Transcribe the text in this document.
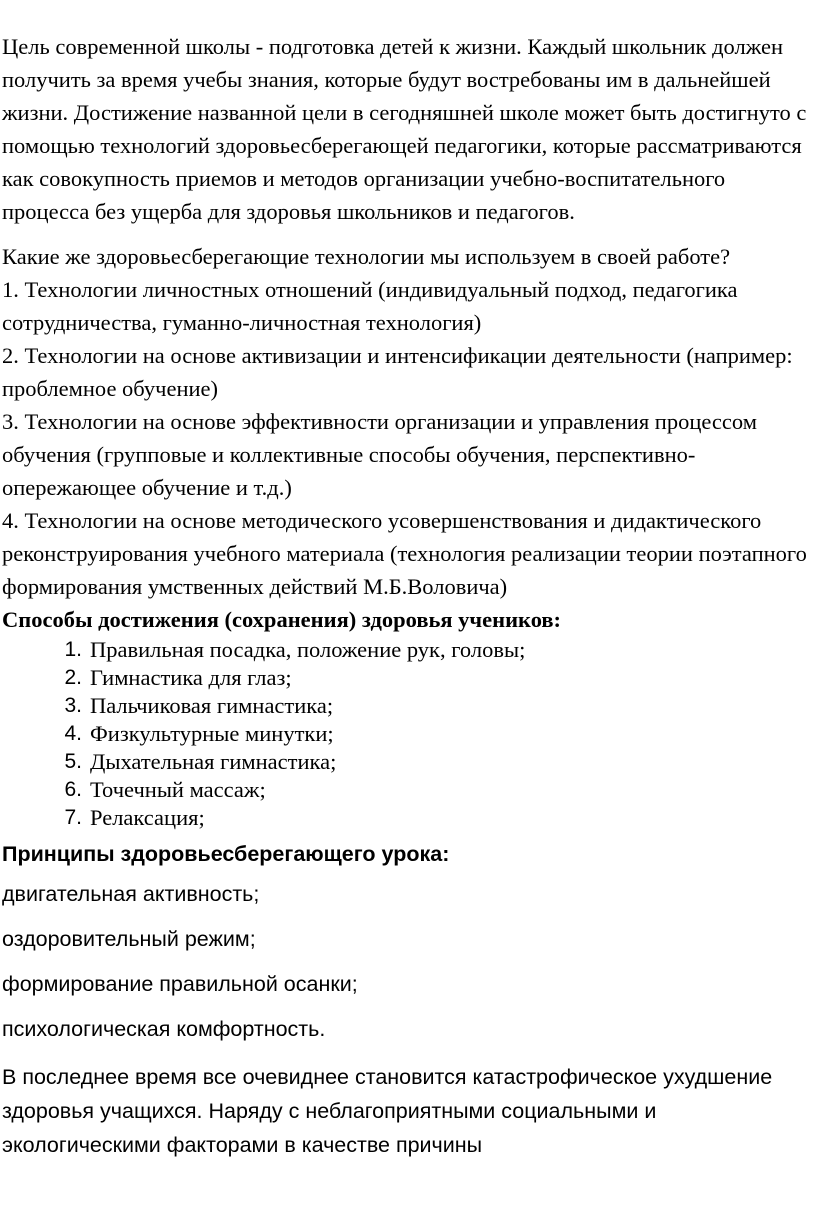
Цель современной школы - подготовка детей к жизни. Каждый школьник должен получить за время учебы знания, которые будут востребованы им в дальнейшей жизни. Достижение названной цели в сегодняшней школе может быть достигнуто с помощью технологий здоровьесберегающей педагогики, которые рассматриваются как совокупность приемов и методов организации учебно-воспитательного процесса без ущерба для здоровья школьников и педагогов.

Какие же здоровьесберегающие технологии мы используем в своей работе?
1. Технологии личностных отношений (индивидуальный подход, педагогика сотрудничества, гуманно-личностная технология)
2. Технологии на основе активизации и интенсификации деятельности (например: проблемное обучение)
3. Технологии на основе эффективности организации и управления процессом обучения (групповые и коллективные способы обучения, перспективно-опережающее обучение и т.д.)
4. Технологии на основе методического усовершенствования и дидактического реконструирования учебного материала (технология реализации теории поэтапного формирования умственных действий М.Б.Воловича)
Способы достижения (сохранения) здоровья учеников:
1. Правильная посадка, положение рук, головы;
2. Гимнастика для глаз;
3. Пальчиковая гимнастика;
4. Физкультурные минутки;
5. Дыхательная гимнастика;
6. Точечный массаж;
7. Релаксация;
Принципы здоровьесберегающего урока:

двигательная активность;

оздоровительный режим;

формирование правильной осанки;

психологическая комфортность.

В последнее время все очевиднее становится катастрофическое ухудшение здоровья учащихся. Наряду с неблагоприятными социальными и экологическими факторами в качестве причины
